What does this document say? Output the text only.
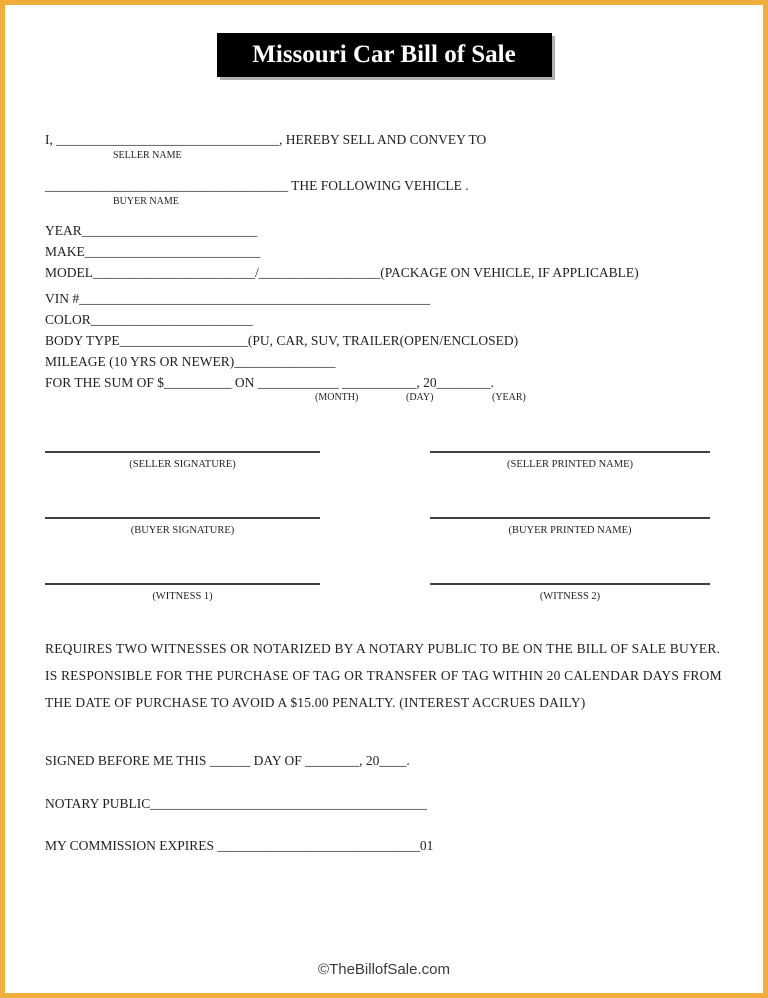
Missouri Car Bill of Sale
I, _________________________________, HEREBY SELL AND CONVEY TO
SELLER NAME
____________________________________ THE FOLLOWING VEHICLE .
BUYER NAME
YEAR__________________________
MAKE__________________________
MODEL________________________/__________________(PACKAGE ON VEHICLE, IF APPLICABLE)
VIN #____________________________________________________
COLOR________________________
BODY TYPE___________________(PU, CAR, SUV, TRAILER(OPEN/ENCLOSED)
MILEAGE (10 YRS OR NEWER)_______________
FOR THE SUM OF $__________ ON ____________ ___________, 20________.
(MONTH)	(DAY)	(YEAR)
(SELLER SIGNATURE)	(SELLER PRINTED NAME)
(BUYER SIGNATURE)	(BUYER PRINTED NAME)
(WITNESS 1)	(WITNESS 2)
REQUIRES TWO WITNESSES OR NOTARIZED BY A NOTARY PUBLIC TO BE ON THE BILL OF SALE BUYER.
IS RESPONSIBLE FOR THE PURCHASE OF TAG OR TRANSFER OF TAG WITHIN 20 CALENDAR DAYS FROM
THE DATE OF PURCHASE TO AVOID A $15.00 PENALTY. (INTEREST ACCRUES DAILY)
SIGNED BEFORE ME THIS ______ DAY OF ________, 20____.
NOTARY PUBLIC_________________________________________
MY COMMISSION EXPIRES ______________________________01
©TheBillofSale.com
